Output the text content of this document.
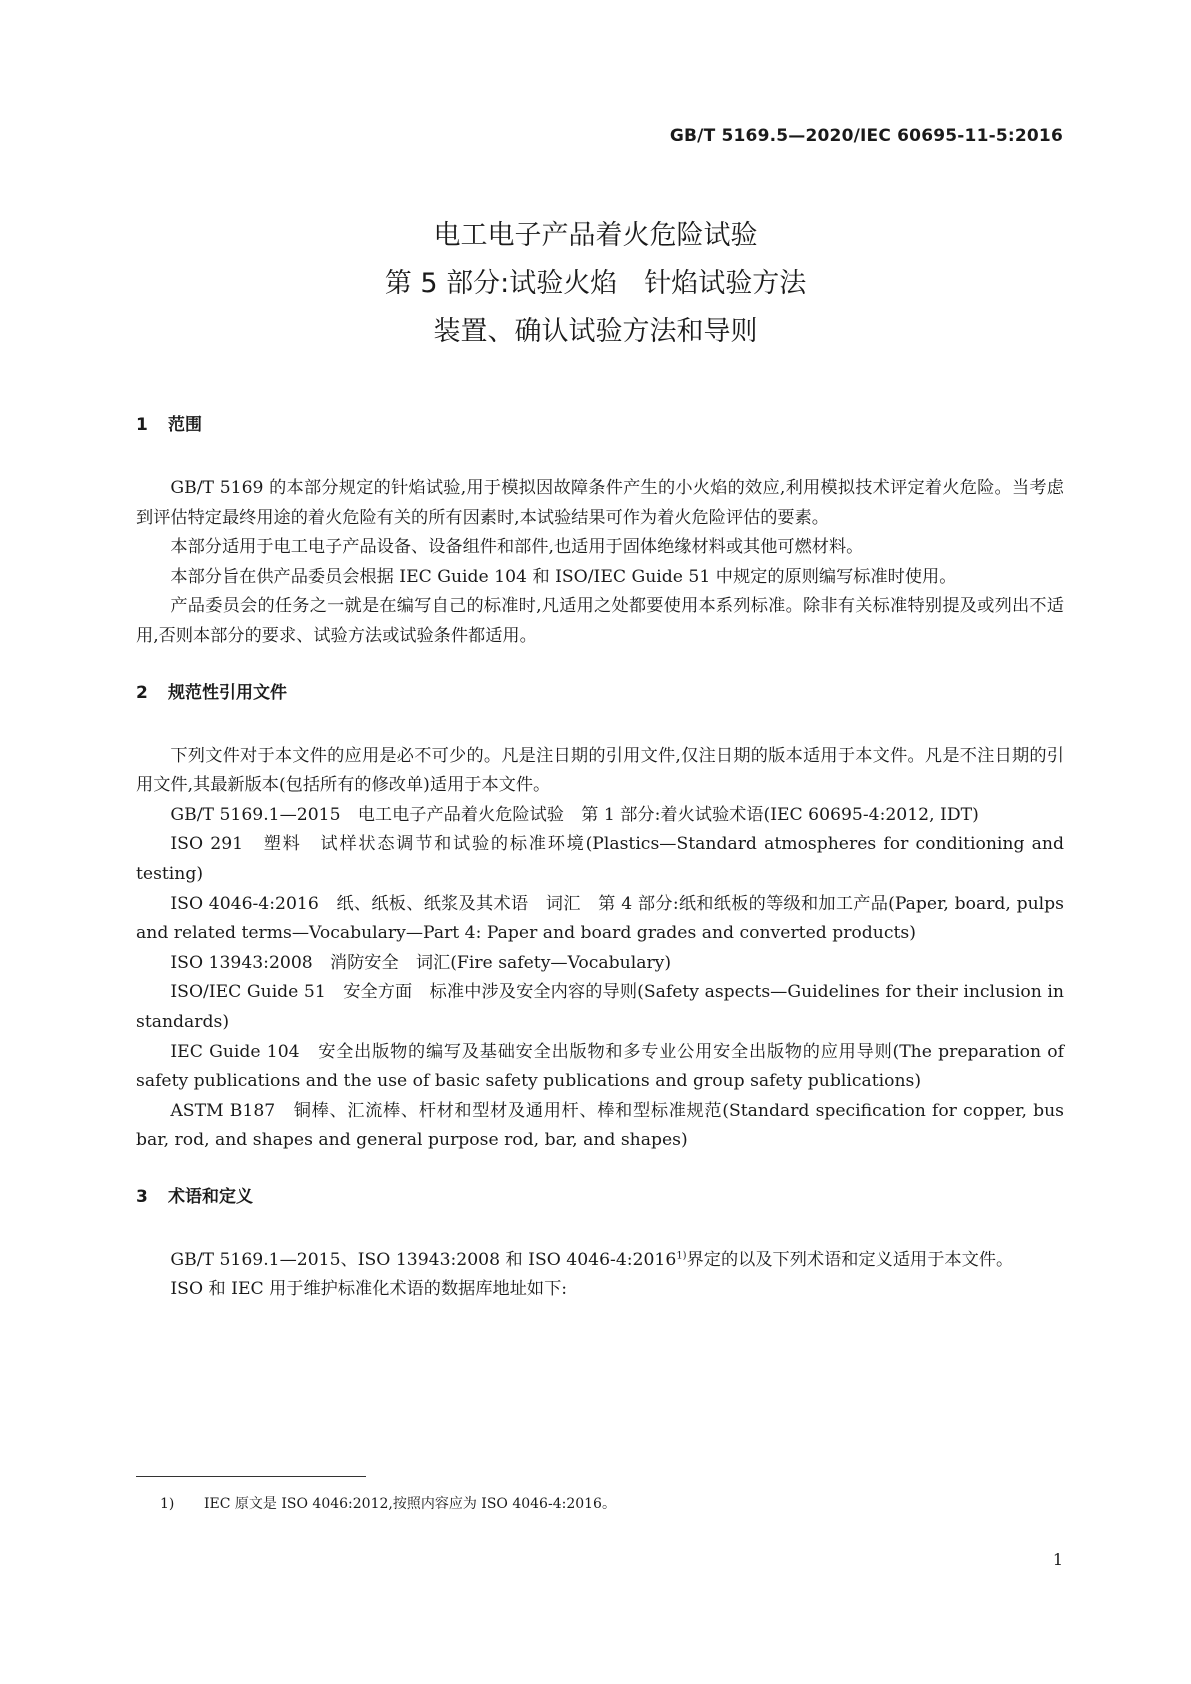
GB/T 5169.5—2020/IEC 60695-11-5:2016
电工电子产品着火危险试验
第 5 部分:试验火焰　针焰试验方法
装置、确认试验方法和导则
1 范围

GB/T 5169 的本部分规定的针焰试验,用于模拟因故障条件产生的小火焰的效应,利用模拟技术评定着火危险。当考虑到评估特定最终用途的着火危险有关的所有因素时,本试验结果可作为着火危险评估的要素。

本部分适用于电工电子产品设备、设备组件和部件,也适用于固体绝缘材料或其他可燃材料。

本部分旨在供产品委员会根据 IEC Guide 104 和 ISO/IEC Guide 51 中规定的原则编写标准时使用。

产品委员会的任务之一就是在编写自己的标准时,凡适用之处都要使用本系列标准。除非有关标准特别提及或列出不适用,否则本部分的要求、试验方法或试验条件都适用。

2 规范性引用文件

下列文件对于本文件的应用是必不可少的。凡是注日期的引用文件,仅注日期的版本适用于本文件。凡是不注日期的引用文件,其最新版本(包括所有的修改单)适用于本文件。

GB/T 5169.1—2015　电工电子产品着火危险试验　第 1 部分:着火试验术语(IEC 60695-4:2012, IDT)

ISO 291　塑料　试样状态调节和试验的标准环境(Plastics—Standard atmospheres for conditioning and testing)

ISO 4046-4:2016　纸、纸板、纸浆及其术语　词汇　第 4 部分:纸和纸板的等级和加工产品(Paper, board, pulps and related terms—Vocabulary—Part 4: Paper and board grades and converted products)

ISO 13943:2008　消防安全　词汇(Fire safety—Vocabulary)

ISO/IEC Guide 51　安全方面　标准中涉及安全内容的导则(Safety aspects—Guidelines for their inclusion in standards)

IEC Guide 104　安全出版物的编写及基础安全出版物和多专业公用安全出版物的应用导则(The preparation of safety publications and the use of basic safety publications and group safety publications)

ASTM B187　铜棒、汇流棒、杆材和型材及通用杆、棒和型标准规范(Standard specification for copper, bus bar, rod, and shapes and general purpose rod, bar, and shapes)

3 术语和定义

GB/T 5169.1—2015、ISO 13943:2008 和 ISO 4046-4:2016$^{1)}$界定的以及下列术语和定义适用于本文件。

ISO 和 IEC 用于维护标准化术语的数据库地址如下:

1) IEC 原文是 ISO 4046:2012,按照内容应为 ISO 4046-4:2016。
1
